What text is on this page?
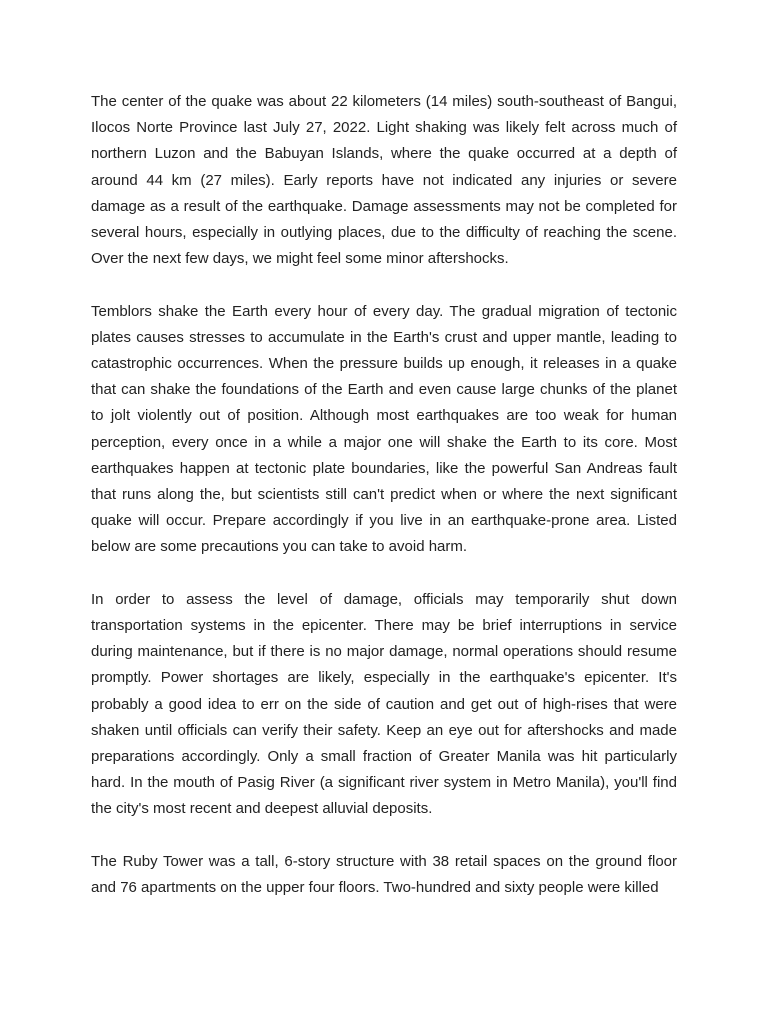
The center of the quake was about 22 kilometers (14 miles) south-southeast of Bangui, Ilocos Norte Province last July 27, 2022. Light shaking was likely felt across much of northern Luzon and the Babuyan Islands, where the quake occurred at a depth of around 44 km (27 miles). Early reports have not indicated any injuries or severe damage as a result of the earthquake. Damage assessments may not be completed for several hours, especially in outlying places, due to the difficulty of reaching the scene. Over the next few days, we might feel some minor aftershocks.

Temblors shake the Earth every hour of every day. The gradual migration of tectonic plates causes stresses to accumulate in the Earth's crust and upper mantle, leading to catastrophic occurrences. When the pressure builds up enough, it releases in a quake that can shake the foundations of the Earth and even cause large chunks of the planet to jolt violently out of position. Although most earthquakes are too weak for human perception, every once in a while a major one will shake the Earth to its core. Most earthquakes happen at tectonic plate boundaries, like the powerful San Andreas fault that runs along the, but scientists still can't predict when or where the next significant quake will occur. Prepare accordingly if you live in an earthquake-prone area. Listed below are some precautions you can take to avoid harm.

In order to assess the level of damage, officials may temporarily shut down transportation systems in the epicenter. There may be brief interruptions in service during maintenance, but if there is no major damage, normal operations should resume promptly. Power shortages are likely, especially in the earthquake's epicenter. It's probably a good idea to err on the side of caution and get out of high-rises that were shaken until officials can verify their safety. Keep an eye out for aftershocks and made preparations accordingly. Only a small fraction of Greater Manila was hit particularly hard. In the mouth of Pasig River (a significant river system in Metro Manila), you'll find the city's most recent and deepest alluvial deposits.

The Ruby Tower was a tall, 6-story structure with 38 retail spaces on the ground floor and 76 apartments on the upper four floors. Two-hundred and sixty people were killed
